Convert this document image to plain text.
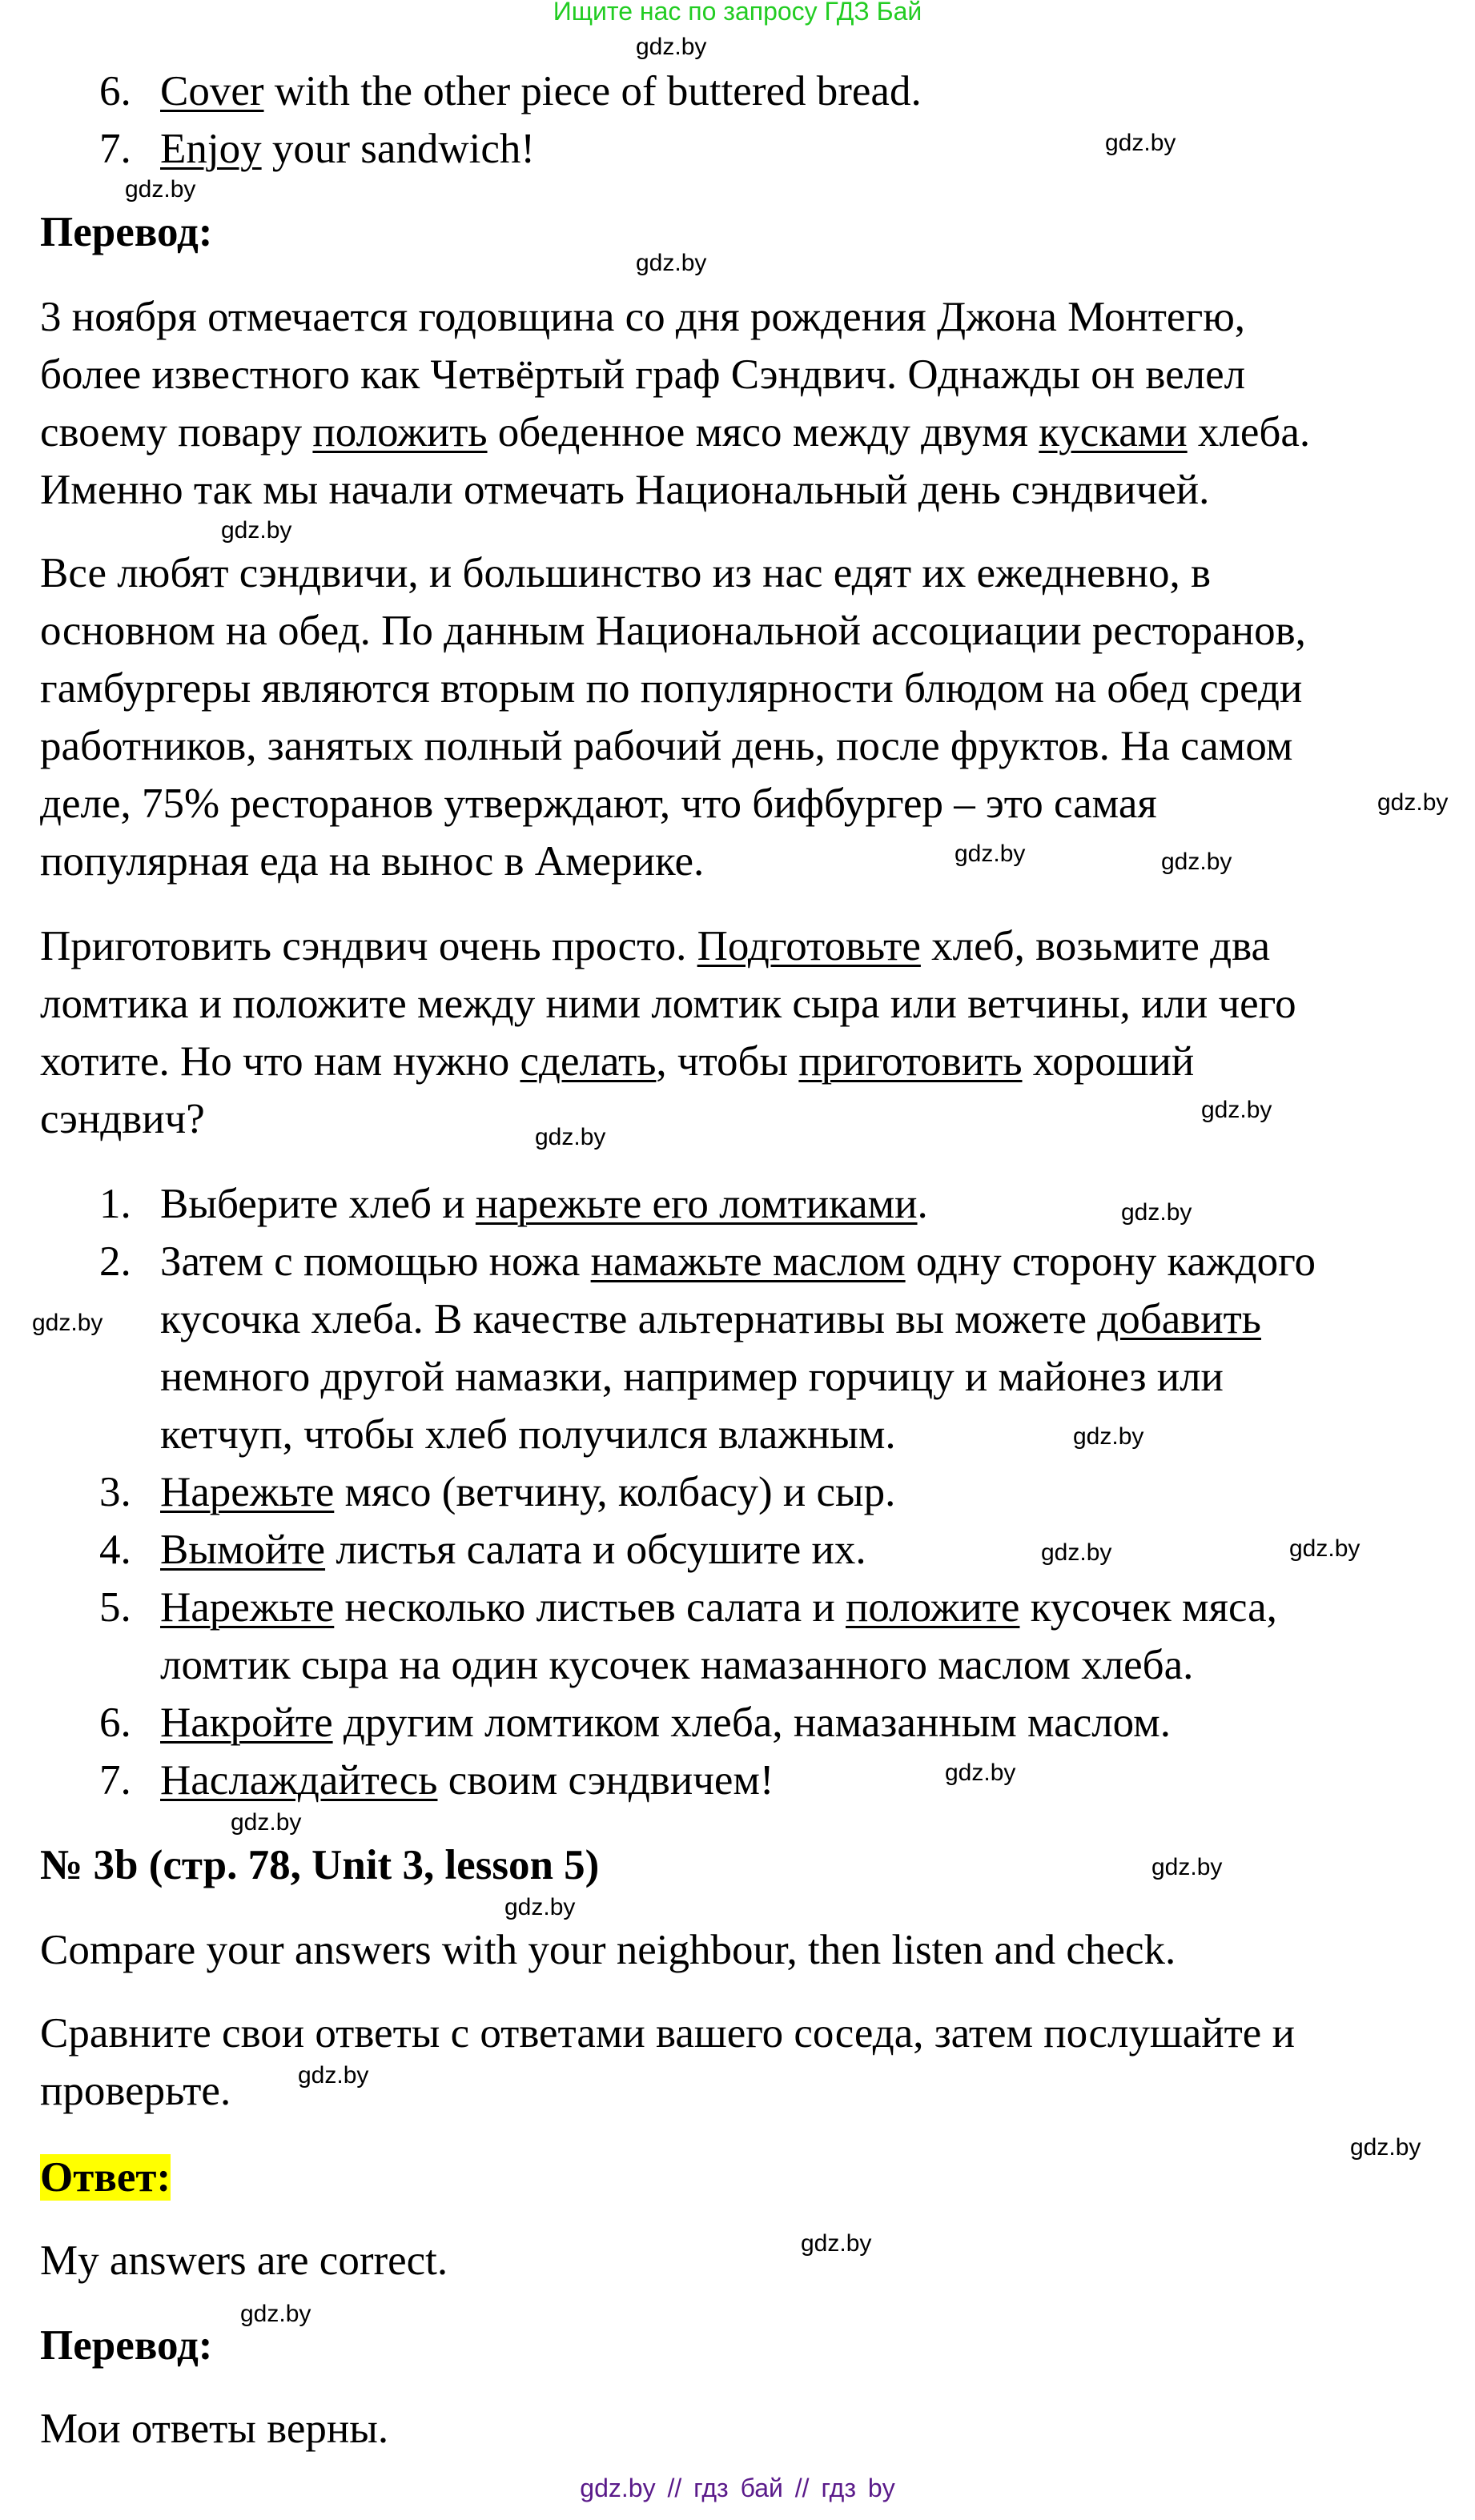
Ищите нас по запросу ГДЗ Бай
6. Cover with the other piece of buttered bread.
7. Enjoy your sandwich!
Перевод:
3 ноября отмечается годовщина со дня рождения Джона Монтегю,
более известного как Четвёртый граф Сэндвич. Однажды он велел
своему повару положить обеденное мясо между двумя кусками хлеба.
Именно так мы начали отмечать Национальный день сэндвичей.
Все любят сэндвичи, и большинство из нас едят их ежедневно, в
основном на обед. По данным Национальной ассоциации ресторанов,
гамбургеры являются вторым по популярности блюдом на обед среди
работников, занятых полный рабочий день, после фруктов. На самом
деле, 75% ресторанов утверждают, что бифбургер – это самая
популярная еда на вынос в Америке.
Приготовить сэндвич очень просто. Подготовьте хлеб, возьмите два
ломтика и положите между ними ломтик сыра или ветчины, или чего
хотите. Но что нам нужно сделать, чтобы приготовить хороший
сэндвич?
1. Выберите хлеб и нарежьте его ломтиками.
2. Затем с помощью ножа намажьте маслом одну сторону каждого
кусочка хлеба. В качестве альтернативы вы можете добавить
немного другой намазки, например горчицу и майонез или
кетчуп, чтобы хлеб получился влажным.
3. Нарежьте мясо (ветчину, колбасу) и сыр.
4. Вымойте листья салата и обсушите их.
5. Нарежьте несколько листьев салата и положите кусочек мяса,
ломтик сыра на один кусочек намазанного маслом хлеба.
6. Накройте другим ломтиком хлеба, намазанным маслом.
7. Наслаждайтесь своим сэндвичем!
№ 3b (стр. 78, Unit 3, lesson 5)
Compare your answers with your neighbour, then listen and check.
Сравните свои ответы с ответами вашего соседа, затем послушайте и
проверьте.
Ответ:
My answers are correct.
Перевод:
Мои ответы верны.
gdz.by // гдз бай // гдз by
gdz.by
gdz.by
gdz.by
gdz.by
gdz.by
gdz.by
gdz.by	gdz.by
gdz.by
gdz.by
gdz.by
gdz.by
gdz.by
gdz.by	gdz.by
gdz.by
gdz.by
gdz.by
gdz.by
gdz.by
gdz.by
gdz.by
gdz.by
